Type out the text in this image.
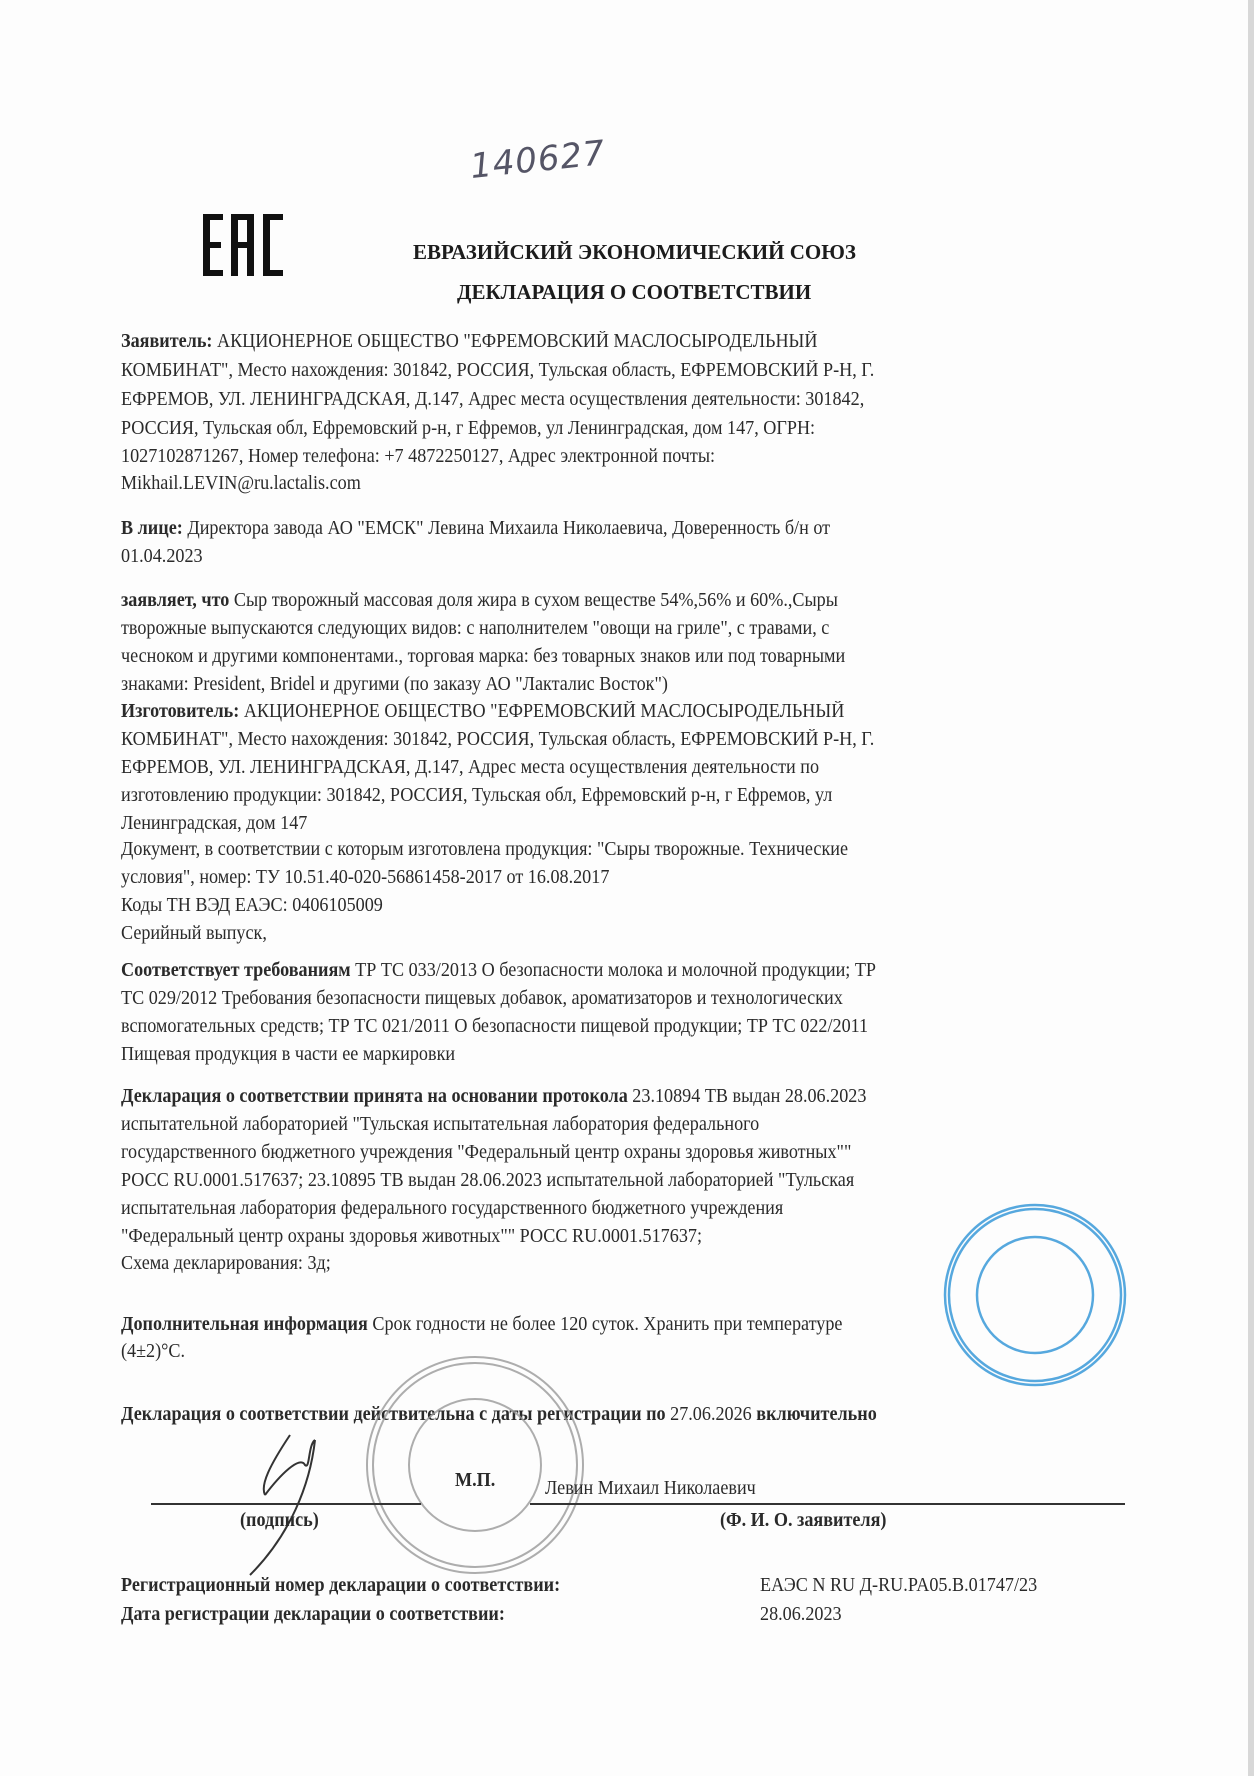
140627
ЕВРАЗИЙСКИЙ ЭКОНОМИЧЕСКИЙ СОЮЗ
ДЕКЛАРАЦИЯ О СООТВЕТСТВИИ
Заявитель: АКЦИОНЕРНОЕ ОБЩЕСТВО "ЕФРЕМОВСКИЙ МАСЛОСЫРОДЕЛЬНЫЙ
КОМБИНАТ", Место нахождения: 301842, РОССИЯ, Тульская область, ЕФРЕМОВСКИЙ Р-Н, Г.
ЕФРЕМОВ, УЛ. ЛЕНИНГРАДСКАЯ, Д.147, Адрес места осуществления деятельности: 301842,
РОССИЯ, Тульская обл, Ефремовский р-н, г Ефремов, ул Ленинградская, дом 147, ОГРН:
1027102871267, Номер телефона: +7 4872250127, Адрес электронной почты:
Mikhail.LEVIN@ru.lactalis.com
В лице: Директора завода АО "ЕМСК" Левина Михаила Николаевича, Доверенность б/н от
01.04.2023
заявляет, что Сыр творожный массовая доля жира в сухом веществе 54%,56% и 60%.,Сыры
творожные выпускаются следующих видов: с наполнителем "овощи на гриле", с травами, с
чесноком и другими компонентами., торговая марка: без товарных знаков или под товарными
знаками: President, Bridel и другими (по заказу АО "Лакталис Восток")
Изготовитель: АКЦИОНЕРНОЕ ОБЩЕСТВО "ЕФРЕМОВСКИЙ МАСЛОСЫРОДЕЛЬНЫЙ
КОМБИНАТ", Место нахождения: 301842, РОССИЯ, Тульская область, ЕФРЕМОВСКИЙ Р-Н, Г.
ЕФРЕМОВ, УЛ. ЛЕНИНГРАДСКАЯ, Д.147, Адрес места осуществления деятельности по
изготовлению продукции: 301842, РОССИЯ, Тульская обл, Ефремовский р-н, г Ефремов, ул
Ленинградская, дом 147
Документ, в соответствии с которым изготовлена продукция: "Сыры творожные. Технические
условия", номер: ТУ 10.51.40-020-56861458-2017 от 16.08.2017
Коды ТН ВЭД ЕАЭС: 0406105009
Серийный выпуск,
Соответствует требованиям ТР ТС 033/2013 О безопасности молока и молочной продукции; ТР
ТС 029/2012 Требования безопасности пищевых добавок, ароматизаторов и технологических
вспомогательных средств; ТР ТС 021/2011 О безопасности пищевой продукции; ТР ТС 022/2011
Пищевая продукция в части ее маркировки
Декларация о соответствии принята на основании протокола 23.10894 ТВ выдан 28.06.2023
испытательной лабораторией "Тульская испытательная лаборатория федерального
государственного бюджетного учреждения "Федеральный центр охраны здоровья животных""
РОСС RU.0001.517637; 23.10895 ТВ выдан 28.06.2023 испытательной лабораторией "Тульская
испытательная лаборатория федерального государственного бюджетного учреждения
"Федеральный центр охраны здоровья животных"" РОСС RU.0001.517637;
Схема декларирования: 3д;
Дополнительная информация Срок годности не более 120 суток. Хранить при температуре
(4±2)°С.
Декларация о соответствии действительна с даты регистрации по 27.06.2026 включительно
М.П.	Левин Михаил Николаевич
(подпись)	(Ф. И. О. заявителя)
Регистрационный номер декларации о соответствии:	ЕАЭС N RU Д-RU.PA05.B.01747/23
Дата регистрации декларации о соответствии:	28.06.2023
